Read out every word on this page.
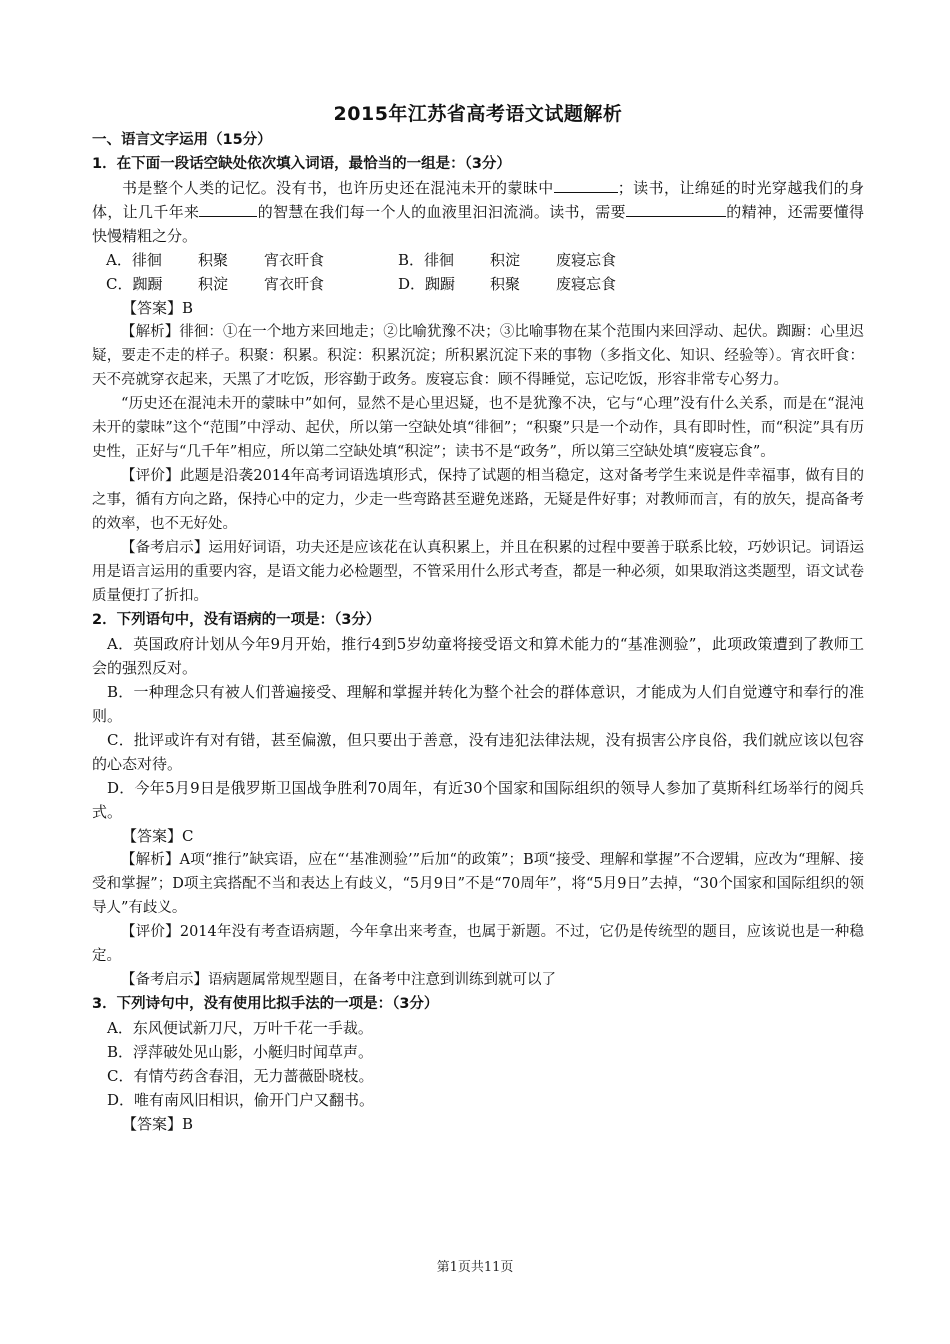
2015年江苏省高考语文试题解析
一、语言文字运用（15分）
1．在下面一段话空缺处依次填入词语，最恰当的一组是：（3分）

书是整个人类的记忆。没有书，也许历史还在混沌未开的蒙昧中	；读书，让绵延的时光穿越我们的身体，让几千年来	的智慧在我们每一个人的血液里汩汩流淌。读书，需要	的精神，还需要懂得快慢精粗之分。

A．徘徊	积聚	宵衣旰食	B．徘徊	积淀	废寝忘食
C．踟蹰	积淀	宵衣旰食	D．踟蹰	积聚	废寝忘食
【答案】B

【解析】徘徊：①在一个地方来回地走；②比喻犹豫不决；③比喻事物在某个范围内来回浮动、起伏。踟蹰：心里迟疑，要走不走的样子。积聚：积累。积淀：积累沉淀；所积累沉淀下来的事物（多指文化、知识、经验等）。宵衣旰食：天不亮就穿衣起来，天黑了才吃饭，形容勤于政务。废寝忘食：顾不得睡觉，忘记吃饭，形容非常专心努力。

“历史还在混沌未开的蒙昧中”如何，显然不是心里迟疑，也不是犹豫不决，它与“心理”没有什么关系，而是在“混沌未开的蒙昧”这个“范围”中浮动、起伏，所以第一空缺处填“徘徊”；“积聚”只是一个动作，具有即时性，而“积淀”具有历史性，正好与“几千年”相应，所以第二空缺处填“积淀”；读书不是“政务”，所以第三空缺处填“废寝忘食”。

【评价】此题是沿袭2014年高考词语选填形式，保持了试题的相当稳定，这对备考学生来说是件幸福事，做有目的之事，循有方向之路，保持心中的定力，少走一些弯路甚至避免迷路，无疑是件好事；对教师而言，有的放矢，提高备考的效率，也不无好处。

【备考启示】运用好词语，功夫还是应该花在认真积累上，并且在积累的过程中要善于联系比较，巧妙识记。词语运用是语言运用的重要内容，是语文能力必检题型，不管采用什么形式考查，都是一种必须，如果取消这类题型，语文试卷质量便打了折扣。

2．下列语句中，没有语病的一项是：（3分）

A．英国政府计划从今年9月开始，推行4到5岁幼童将接受语文和算术能力的“基准测验”，此项政策遭到了教师工会的强烈反对。

B．一种理念只有被人们普遍接受、理解和掌握并转化为整个社会的群体意识，才能成为人们自觉遵守和奉行的准则。

C．批评或许有对有错，甚至偏激，但只要出于善意，没有违犯法律法规，没有损害公序良俗，我们就应该以包容的心态对待。

D．今年5月9日是俄罗斯卫国战争胜利70周年，有近30个国家和国际组织的领导人参加了莫斯科红场举行的阅兵式。

【答案】C

【解析】A项“推行”缺宾语，应在“‘基准测验’”后加“的政策”；B项“接受、理解和掌握”不合逻辑，应改为“理解、接受和掌握”；D项主宾搭配不当和表达上有歧义，“5月9日”不是“70周年”，将“5月9日”去掉，“30个国家和国际组织的领导人”有歧义。

【评价】2014年没有考查语病题，今年拿出来考查，也属于新题。不过，它仍是传统型的题目，应该说也是一种稳定。

【备考启示】语病题属常规型题目，在备考中注意到训练到就可以了

3．下列诗句中，没有使用比拟手法的一项是：（3分）

A．东风便试新刀尺，万叶千花一手裁。

B．浮萍破处见山影，小艇归时闻草声。

C．有情芍药含春泪，无力蔷薇卧晓枝。

D．唯有南风旧相识，偷开门户又翻书。

【答案】B
第1页共11页
